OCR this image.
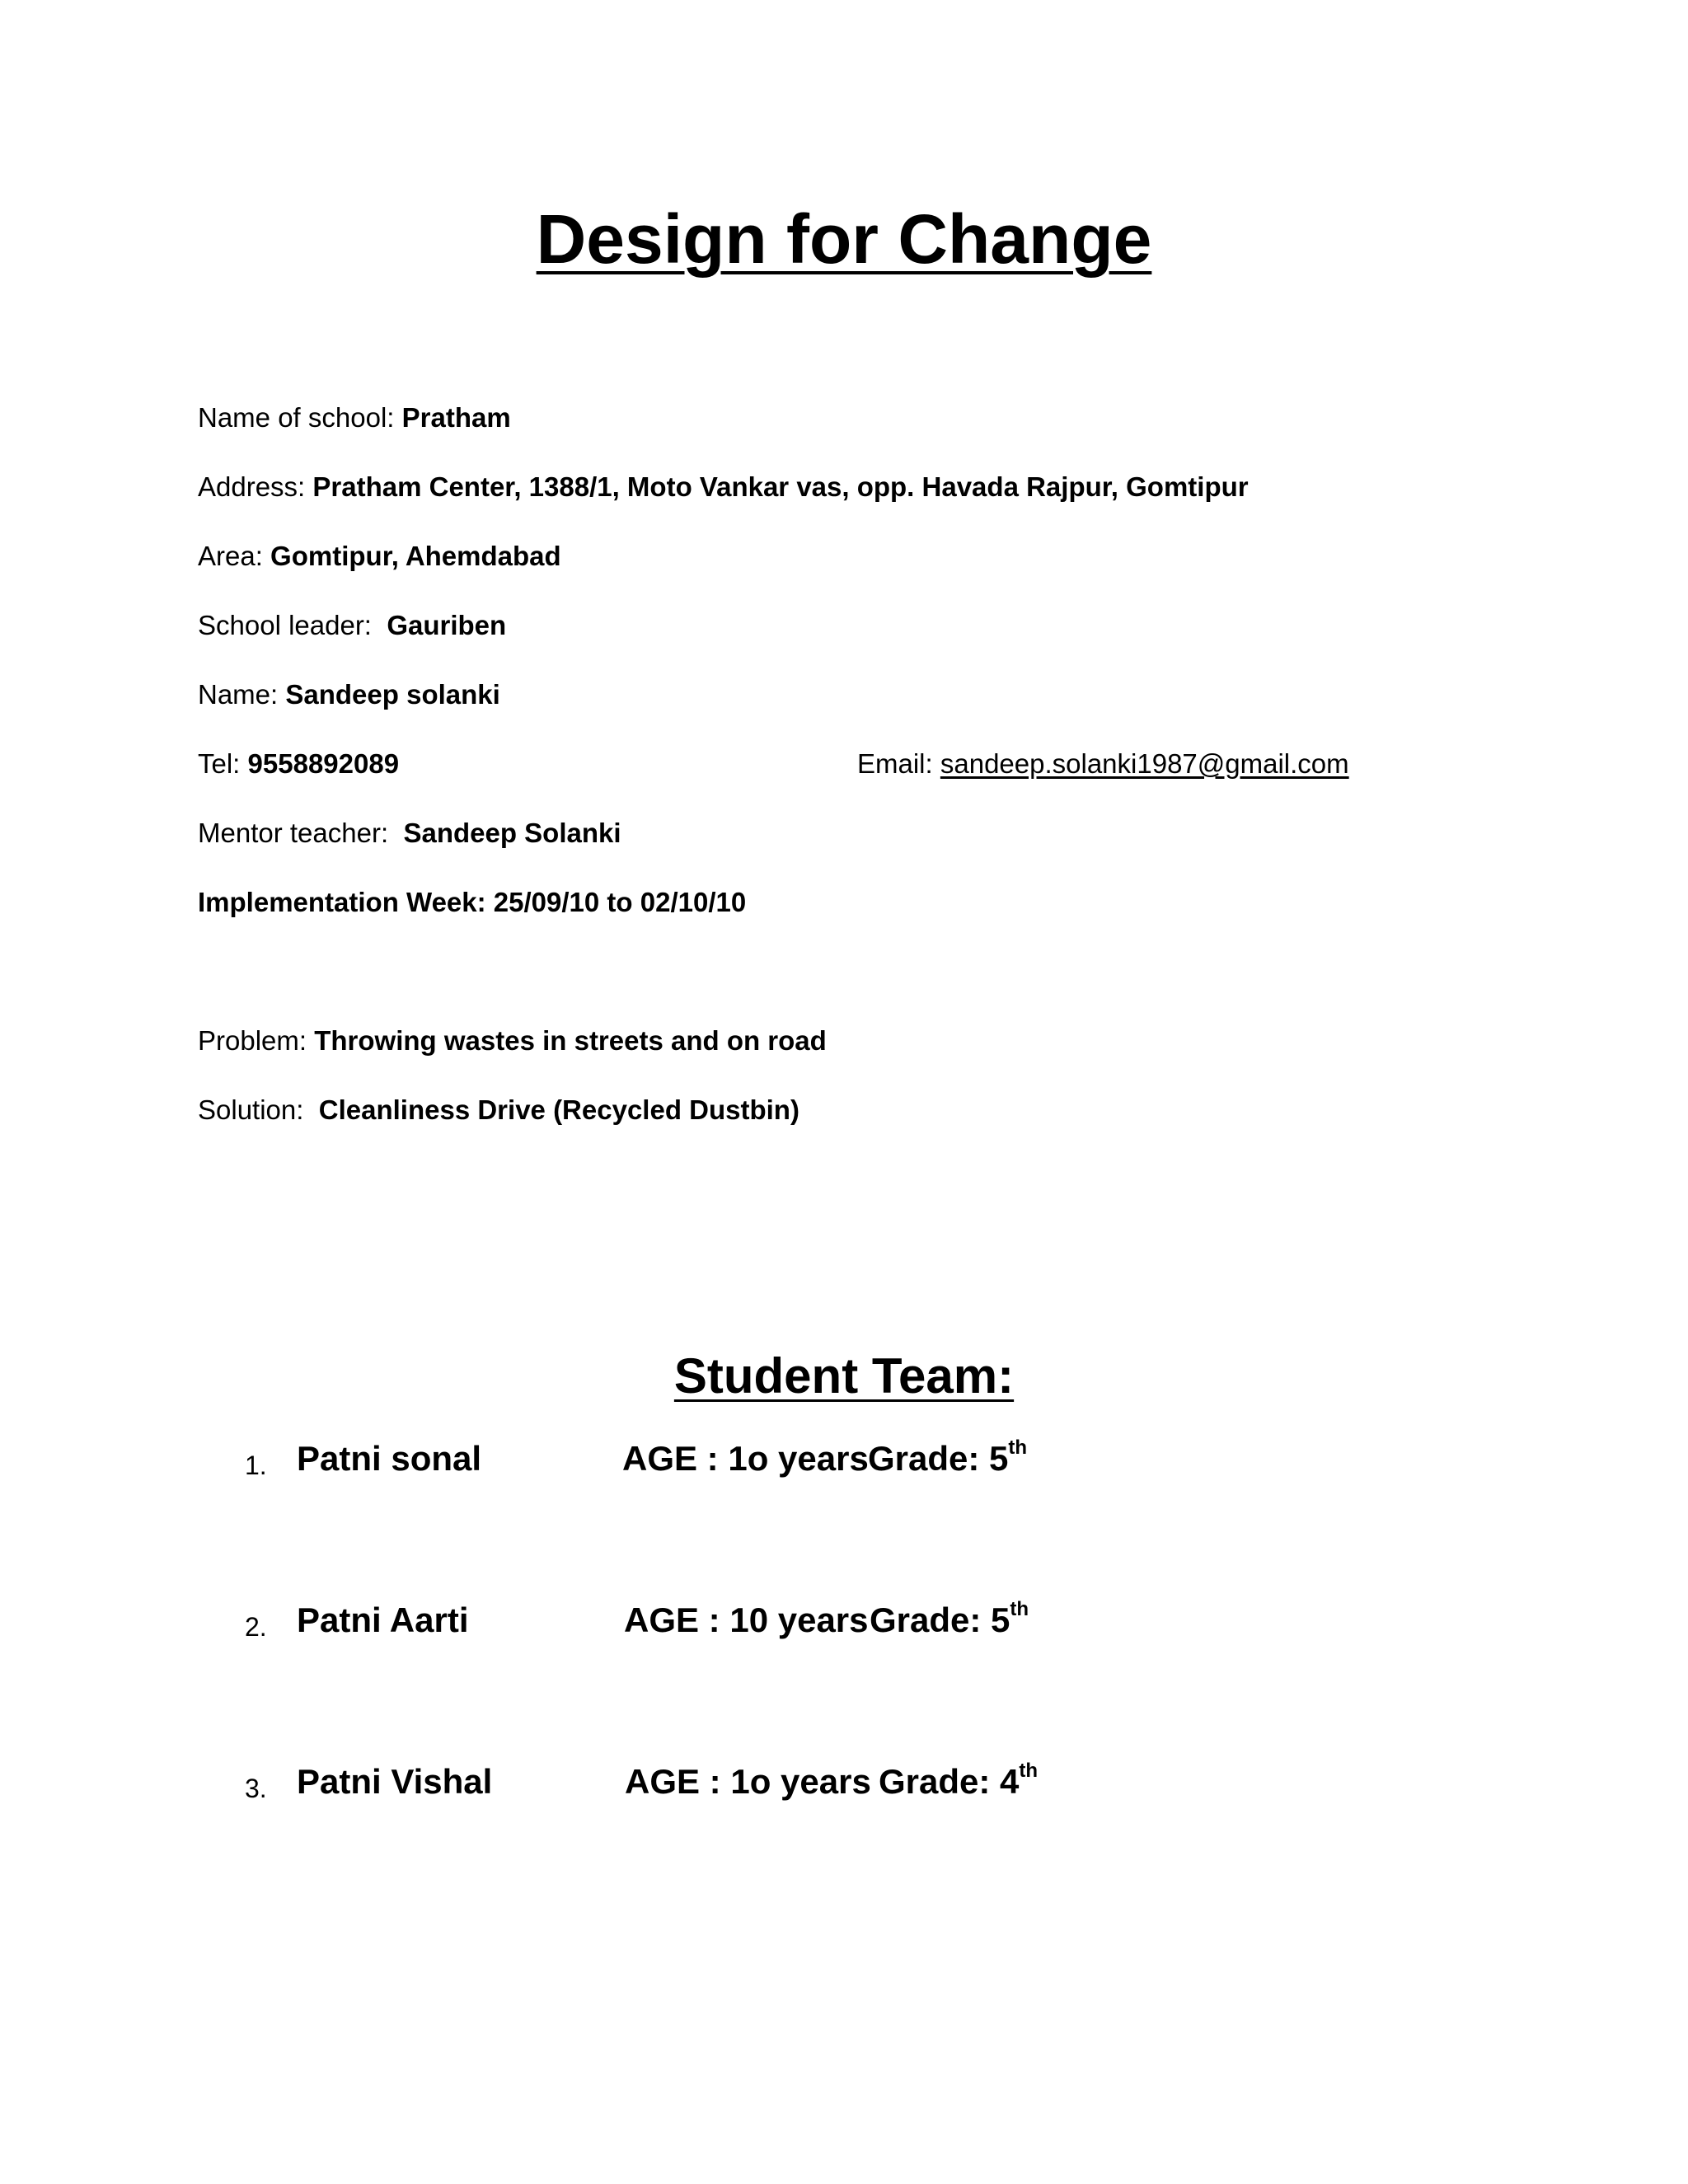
Design for Change
Name of school: Pratham
Address: Pratham Center, 1388/1, Moto Vankar vas, opp. Havada Rajpur, Gomtipur
Area: Gomtipur, Ahemdabad
School leader:  Gauriben
Name: Sandeep solanki
Tel: 9558892089	Email: sandeep.solanki1987@gmail.com
Mentor teacher:  Sandeep Solanki
Implementation Week: 25/09/10 to 02/10/10
Problem: Throwing wastes in streets and on road
Solution:  Cleanliness Drive (Recycled Dustbin)
Student Team:
1. Patni sonal	AGE : 1o years Grade: 5th
2. Patni Aarti	AGE : 10 years Grade: 5th
3. Patni Vishal	AGE : 1o years Grade: 4th
